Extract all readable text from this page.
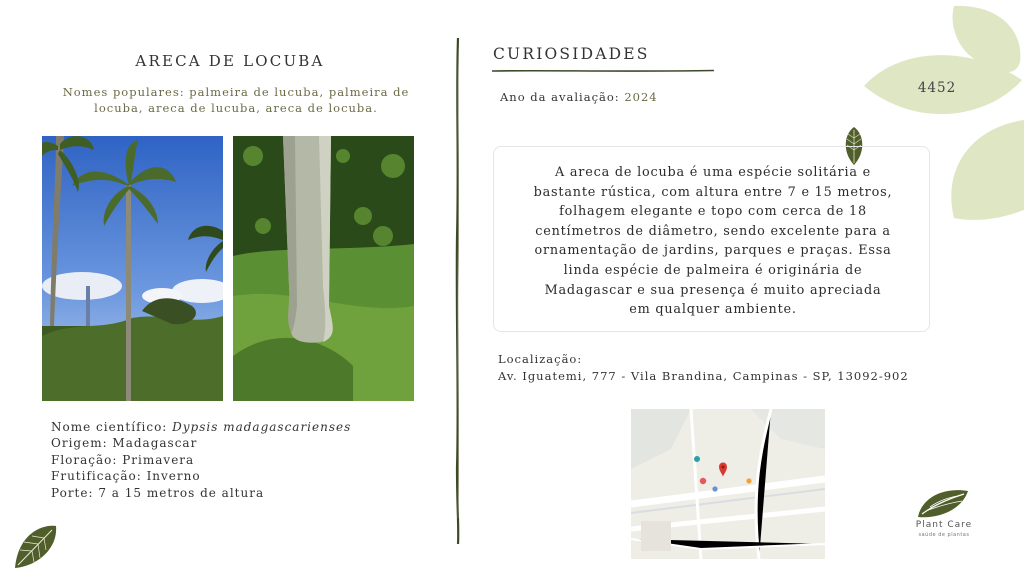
ARECA DE LOCUBA
Nomes populares: palmeira de lucuba, palmeira de
locuba, areca de lucuba, areca de locuba.
Nome científico: Dypsis madagascarienses
Origem: Madagascar
Floração: Primavera
Frutificação: Inverno
Porte: 7 a 15 metros de altura
CURIOSIDADES
Ano da avaliação: 2024
A areca de locuba é uma espécie solitária e
bastante rústica, com altura entre 7 e 15 metros,
folhagem elegante e topo com cerca de 18
centímetros de diâmetro, sendo excelente para a
ornamentação de jardins, parques e praças. Essa
linda espécie de palmeira é originária de
Madagascar e sua presença é muito apreciada
em qualquer ambiente.
Localização:
Av. Iguatemi, 777 - Vila Brandina, Campinas - SP, 13092-902
4452
Plant Care
saúde de plantas
